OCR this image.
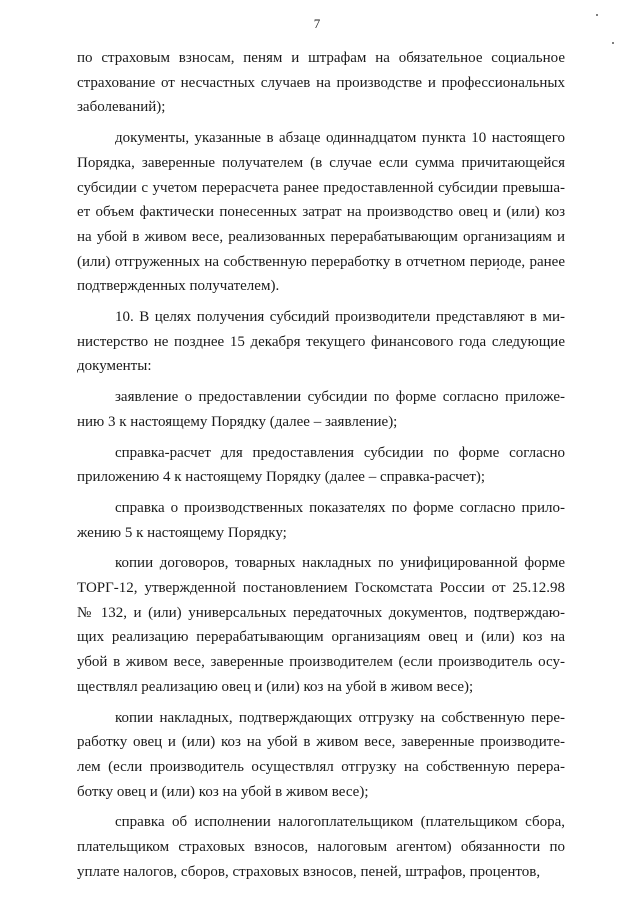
7
по страховым взносам, пеням и штрафам на обязательное социальное
страхование от несчастных случаев на производстве и профессиональных
заболеваний);
документы, указанные в абзаце одиннадцатом пункта 10 настоящего
Порядка, заверенные получателем (в случае если сумма причитающейся
субсидии с учетом перерасчета ранее предоставленной субсидии превыша-
ет объем фактически понесенных затрат на производство овец и (или) коз
на убой в живом весе, реализованных перерабатывающим организациям и
(или) отгруженных на собственную переработку в отчетном периоде, ранее
подтвержденных получателем).
10. В целях получения субсидий производители представляют в ми-
нистерство не позднее 15 декабря текущего финансового года следующие
документы:
заявление о предоставлении субсидии по форме согласно приложе-
нию 3 к настоящему Порядку (далее – заявление);
справка-расчет для предоставления субсидии по форме согласно
приложению 4 к настоящему Порядку (далее – справка-расчет);
справка о производственных показателях по форме согласно прило-
жению 5 к настоящему Порядку;
копии договоров, товарных накладных по унифицированной форме
ТОРГ-12, утвержденной постановлением Госкомстата России от 25.12.98
№ 132, и (или) универсальных передаточных документов, подтверждаю-
щих реализацию перерабатывающим организациям овец и (или) коз на
убой в живом весе, заверенные производителем (если производитель осу-
ществлял реализацию овец и (или) коз на убой в живом весе);
копии накладных, подтверждающих отгрузку на собственную пере-
работку овец и (или) коз на убой в живом весе, заверенные производите-
лем (если производитель осуществлял отгрузку на собственную перера-
ботку овец и (или) коз на убой в живом весе);
справка об исполнении налогоплательщиком (плательщиком сбора,
плательщиком страховых взносов, налоговым агентом) обязанности по
уплате налогов, сборов, страховых взносов, пеней, штрафов, процентов,
